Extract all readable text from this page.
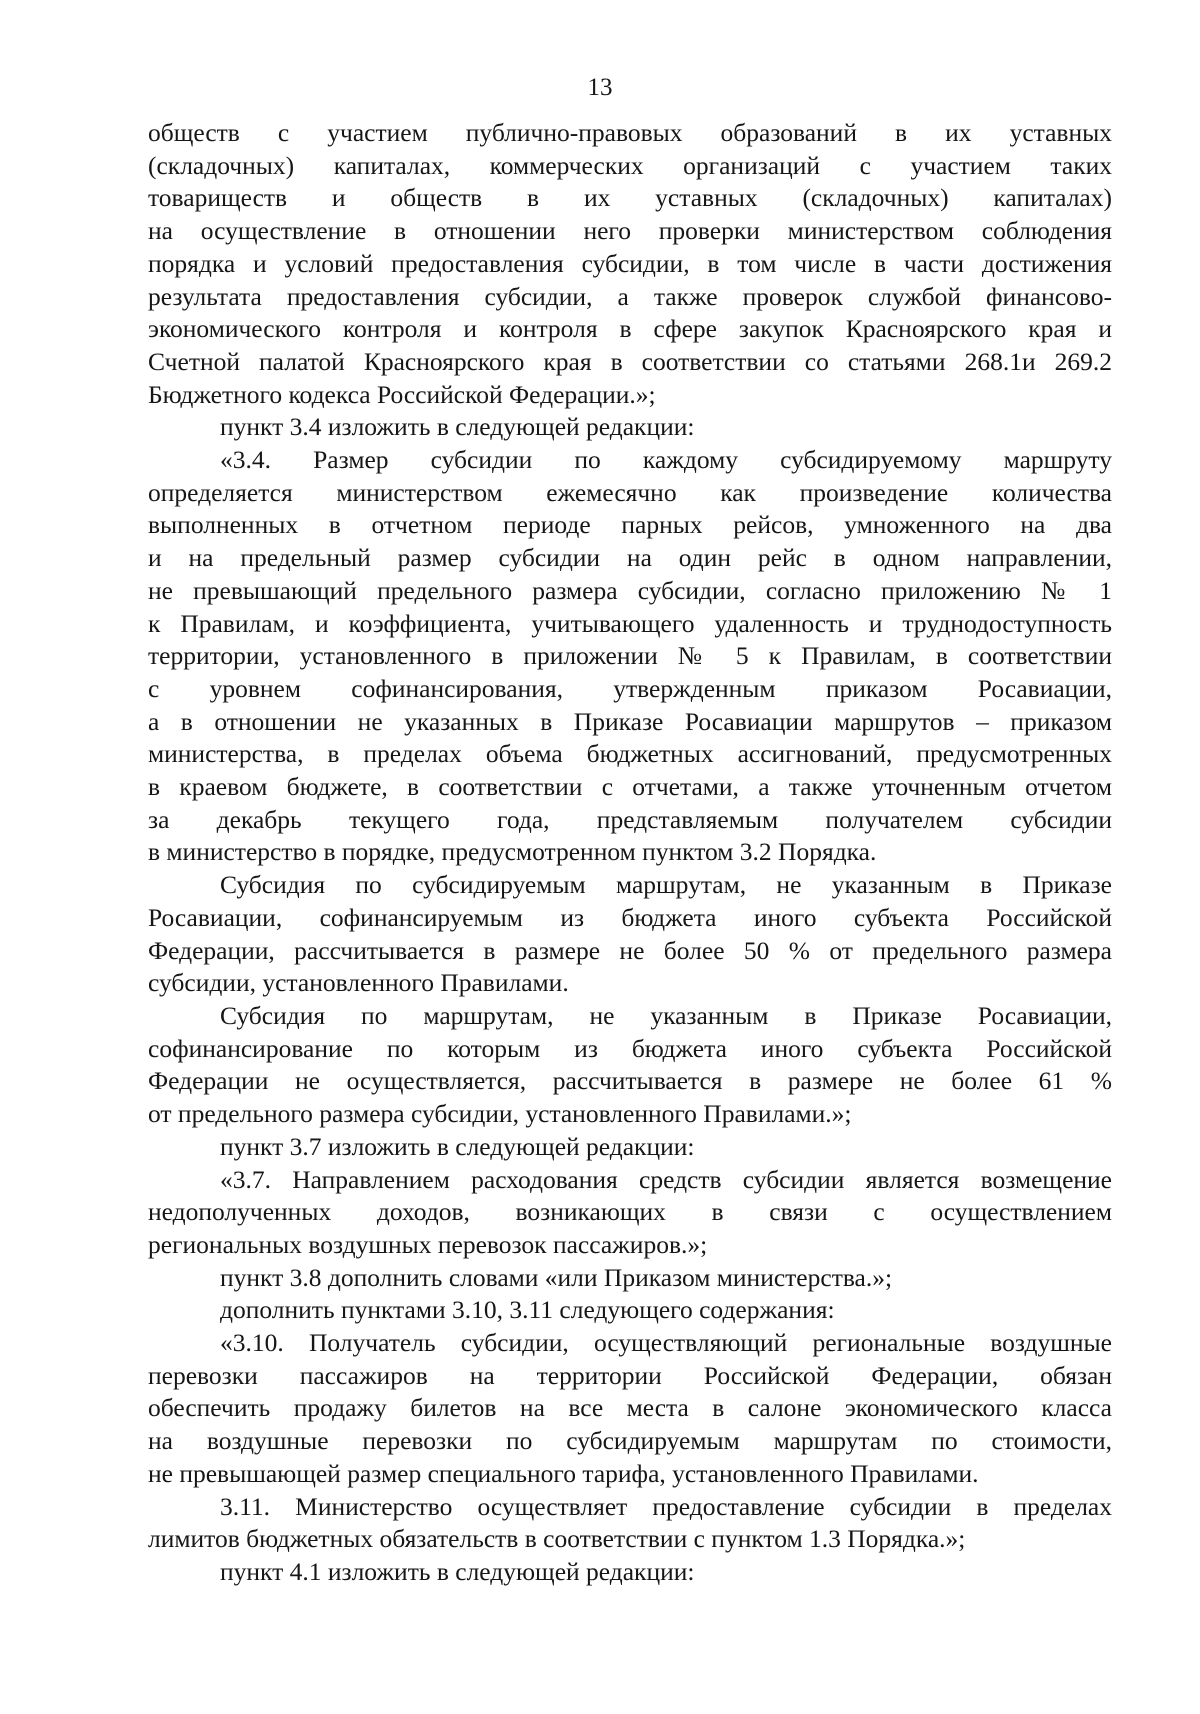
13
обществ с участием публично-правовых образований в их уставных
(складочных) капиталах, коммерческих организаций с участием таких
товариществ и обществ в их уставных (складочных) капиталах)
на осуществление в отношении него проверки министерством соблюдения
порядка и условий предоставления субсидии, в том числе в части достижения
результата предоставления субсидии, а также проверок службой финансово-
экономического контроля и контроля в сфере закупок Красноярского края и
Счетной палатой Красноярского края в соответствии со статьями 268.1и 269.2
Бюджетного кодекса Российской Федерации.»;
пункт 3.4 изложить в следующей редакции:
«3.4. Размер субсидии по каждому субсидируемому маршруту
определяется министерством ежемесячно как произведение количества
выполненных в отчетном периоде парных рейсов, умноженного на два
и на предельный размер субсидии на один рейс в одном направлении,
не превышающий предельного размера субсидии, согласно приложению № 1
к Правилам, и коэффициента, учитывающего удаленность и труднодоступность
территории, установленного в приложении № 5 к Правилам, в соответствии
с уровнем софинансирования, утвержденным приказом Росавиации,
а в отношении не указанных в Приказе Росавиации маршрутов – приказом
министерства, в пределах объема бюджетных ассигнований, предусмотренных
в краевом бюджете, в соответствии с отчетами, а также уточненным отчетом
за декабрь текущего года, представляемым получателем субсидии
в министерство в порядке, предусмотренном пунктом 3.2 Порядка.
Субсидия по субсидируемым маршрутам, не указанным в Приказе
Росавиации, софинансируемым из бюджета иного субъекта Российской
Федерации, рассчитывается в размере не более 50 % от предельного размера
субсидии, установленного Правилами.
Субсидия по маршрутам, не указанным в Приказе Росавиации,
софинансирование по которым из бюджета иного субъекта Российской
Федерации не осуществляется, рассчитывается в размере не более 61 %
от предельного размера субсидии, установленного Правилами.»;
пункт 3.7 изложить в следующей редакции:
«3.7. Направлением расходования средств субсидии является возмещение
недополученных доходов, возникающих в связи с осуществлением
региональных воздушных перевозок пассажиров.»;
пункт 3.8 дополнить словами «или Приказом министерства.»;
дополнить пунктами 3.10, 3.11 следующего содержания:
«3.10. Получатель субсидии, осуществляющий региональные воздушные
перевозки пассажиров на территории Российской Федерации, обязан
обеспечить продажу билетов на все места в салоне экономического класса
на воздушные перевозки по субсидируемым маршрутам по стоимости,
не превышающей размер специального тарифа, установленного Правилами.
3.11. Министерство осуществляет предоставление субсидии в пределах
лимитов бюджетных обязательств в соответствии с пунктом 1.3 Порядка.»;
пункт 4.1 изложить в следующей редакции:
